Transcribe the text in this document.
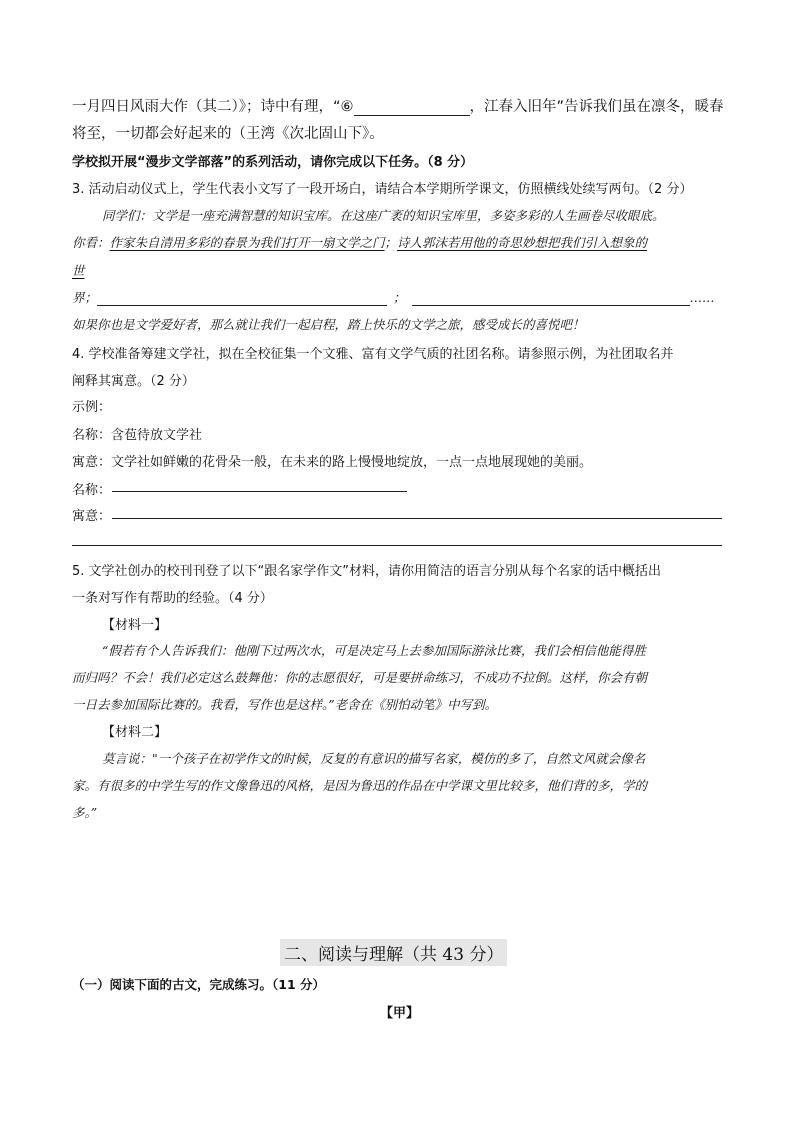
一月四日风雨大作（其二）》；诗中有理，“⑥	，江春入旧年”告诉我们虽在凛冬，暖春
将至，一切都会好起来的（王湾《次北固山下》。
学校拟开展“漫步文学部落”的系列活动，请你完成以下任务。（8 分）
3. 活动启动仪式上，学生代表小文写了一段开场白，请结合本学期所学课文，仿照横线处续写两句。（2 分）
同学们：文学是一座充满智慧的知识宝库。在这座广袤的知识宝库里，多姿多彩的人生画卷尽收眼底。
你看：作家朱自清用多彩的春景为我们打开一扇文学之门；诗人郭沫若用他的奇思妙想把我们引入想象的
世
界；	；	……
如果你也是文学爱好者，那么就让我们一起启程，踏上快乐的文学之旅，感受成长的喜悦吧！
4. 学校准备筹建文学社，拟在全校征集一个文雅、富有文学气质的社团名称。请参照示例，为社团取名并
阐释其寓意。（2 分）
示例：
名称：含苞待放文学社
寓意：文学社如鲜嫩的花骨朵一般，在未来的路上慢慢地绽放，一点一点地展现她的美丽。
名称：
寓意：
5. 文学社创办的校刊刊登了以下“跟名家学作文”材料，请你用简洁的语言分别从每个名家的话中概括出
一条对写作有帮助的经验。（4 分）
【材料一】
“假若有个人告诉我们：他刚下过两次水，可是决定马上去参加国际游泳比赛，我们会相信他能得胜
而归吗？不会！我们必定这么鼓舞他：你的志愿很好，可是要拼命练习，不成功不拉倒。这样，你会有朝
一日去参加国际比赛的。我看，写作也是这样。”老舍在《别怕动笔》中写到。
【材料二】
莫言说："一个孩子在初学作文的时候，反复的有意识的描写名家，模仿的多了，自然文风就会像名
家。有很多的中学生写的作文像鲁迅的风格，是因为鲁迅的作品在中学课文里比较多，他们背的多，学的
多。”
二、阅读与理解（共 43 分）
（一）阅读下面的古文，完成练习。（11 分）
【甲】
